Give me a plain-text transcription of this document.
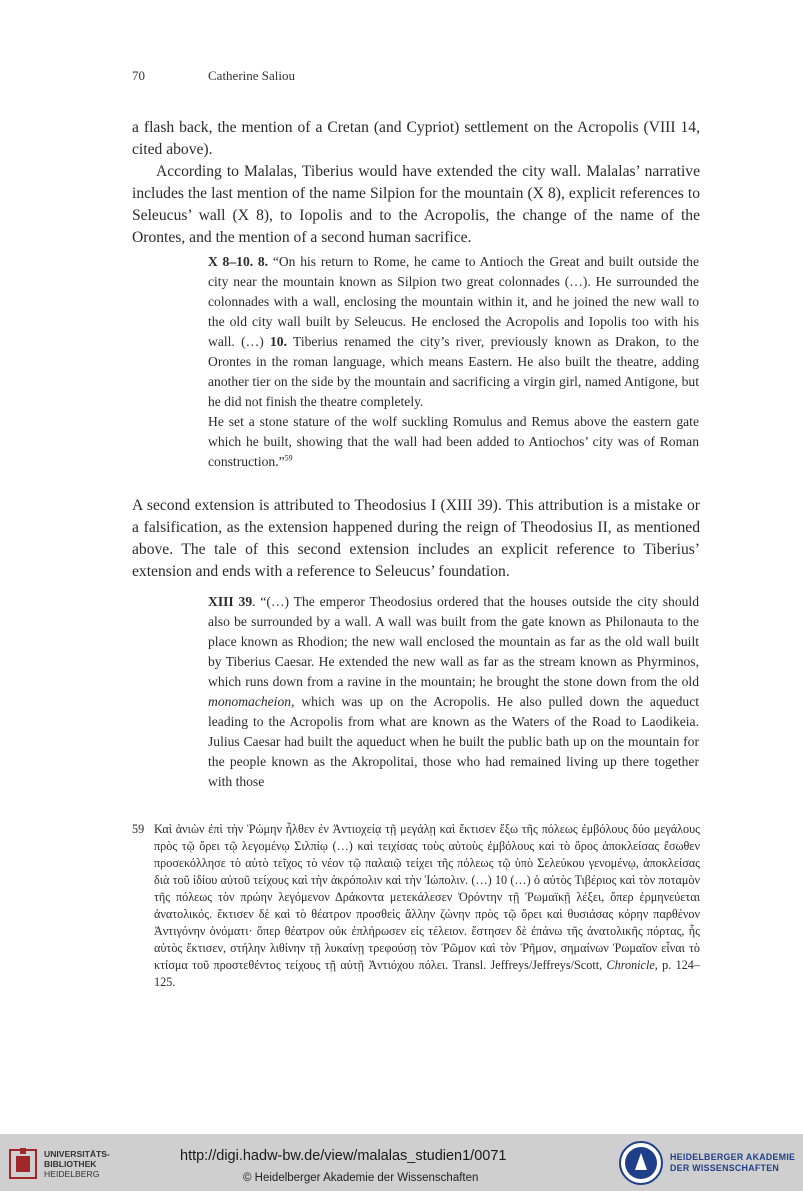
70	Catherine Saliou

a flash back, the mention of a Cretan (and Cypriot) settlement on the Acropolis (VIII 14, cited above).

According to Malalas, Tiberius would have extended the city wall. Malalas’ narrative includes the last mention of the name Silpion for the mountain (X 8), explicit references to Seleucus’ wall (X 8), to Iopolis and to the Acropolis, the change of the name of the Orontes, and the mention of a second human sacrifice.

X 8–10. 8. “On his return to Rome, he came to Antioch the Great and built outside the city near the mountain known as Silpion two great colonnades (…). He surrounded the colonnades with a wall, enclosing the mountain within it, and he joined the new wall to the old city wall built by Seleucus. He enclosed the Acropolis and Iopolis too with his wall. (…) 10. Tiberius renamed the city’s river, previously known as Drakon, to the Orontes in the roman language, which means Eastern. He also built the theatre, adding another tier on the side by the mountain and sacrificing a virgin girl, named Antigone, but he did not finish the theatre completely.

He set a stone stature of the wolf suckling Romulus and Remus above the eastern gate which he built, showing that the wall had been added to Antiochos’ city was of Roman construction.”$^{59}$

A second extension is attributed to Theodosius I (XIII 39). This attribution is a mistake or a falsification, as the extension happened during the reign of Theodosius II, as mentioned above. The tale of this second extension includes an explicit reference to Tiberius’ extension and ends with a reference to Seleucus’ foundation.

XIII 39. “(…) The emperor Theodosius ordered that the houses outside the city should also be surrounded by a wall. A wall was built from the gate known as Philonauta to the place known as Rhodion; the new wall enclosed the mountain as far as the old wall built by Tiberius Caesar. He extended the new wall as far as the stream known as Phyrminos, which runs down from a ravine in the mountain; he brought the stone down from the old monomacheion, which was up on the Acropolis. He also pulled down the aqueduct leading to the Acropolis from what are known as the Waters of the Road to Laodikeia. Julius Caesar had built the aqueduct when he built the public bath up on the mountain for the people known as the Akropolitai, those who had remained living up there together with those

59 Καὶ ἀνιὼν ἐπὶ τὴν Ῥώμην ἦλθεν ἐν Ἀντιοχείᾳ τῇ μεγάλῃ καὶ ἔκτισεν ἔξω τῆς πόλεως ἐμβόλους δύο μεγάλους πρὸς τῷ ὄρει τῷ λεγομένῳ Σιλπίῳ (…) καὶ τειχίσας τοὺς αὐτοὺς ἐμβόλους καὶ τὸ ὄρος ἀποκλείσας ἔσωθεν προσεκόλλησε τὸ αὐτὸ τεῖχος τὸ νέον τῷ παλαιῷ τείχει τῆς πόλεως τῷ ὑπὸ Σελεύκου γενομένῳ, ἀποκλείσας διὰ τοῦ ἰδίου αὐτοῦ τείχους καὶ τὴν ἀκρόπολιν καὶ τὴν Ἰώπολιν. (…) 10 (…) ὁ αὐτὸς Τιβέριος καὶ τὸν ποταμὸν τῆς πόλεως τὸν πρώην λεγόμενον Δράκοντα μετεκάλεσεν Ὀρόντην τῇ Ῥωμαϊκῇ λέξει, ὅπερ ἑρμηνεύεται ἀνατολικός. ἔκτισεν δὲ καὶ τὸ θέατρον προσθεὶς ἄλλην ζώνην πρὸς τῷ ὄρει καὶ θυσιάσας κόρην παρθένον Ἀντιγόνην ὀνόματι· ὅπερ θέατρον οὐκ ἐπλήρωσεν εἰς τέλειον. ἔστησεν δὲ ἐπάνω τῆς ἀνατολικῆς πόρτας, ἧς αὐτὸς ἔκτισεν, στήλην λιθίνην τῇ λυκαίνῃ τρεφούσῃ τὸν Ῥῶμον καὶ τὸν Ῥῆμον, σημαίνων Ῥωμαῖον εἶναι τὸ κτίσμα τοῦ προστεθέντος τείχους τῇ αὐτῇ Ἀντιόχου πόλει. Transl. Jeffreys/Jeffreys/Scott, Chronicle, p. 124–125.
UNIVERSITÄTS-
BIBLIOTHEK
HEIDELBERG
http://digi.hadw-bw.de/view/malalas_studien1/0071
© Heidelberger Akademie der Wissenschaften
HEIDELBERGER AKADEMIE
DER WISSENSCHAFTEN
